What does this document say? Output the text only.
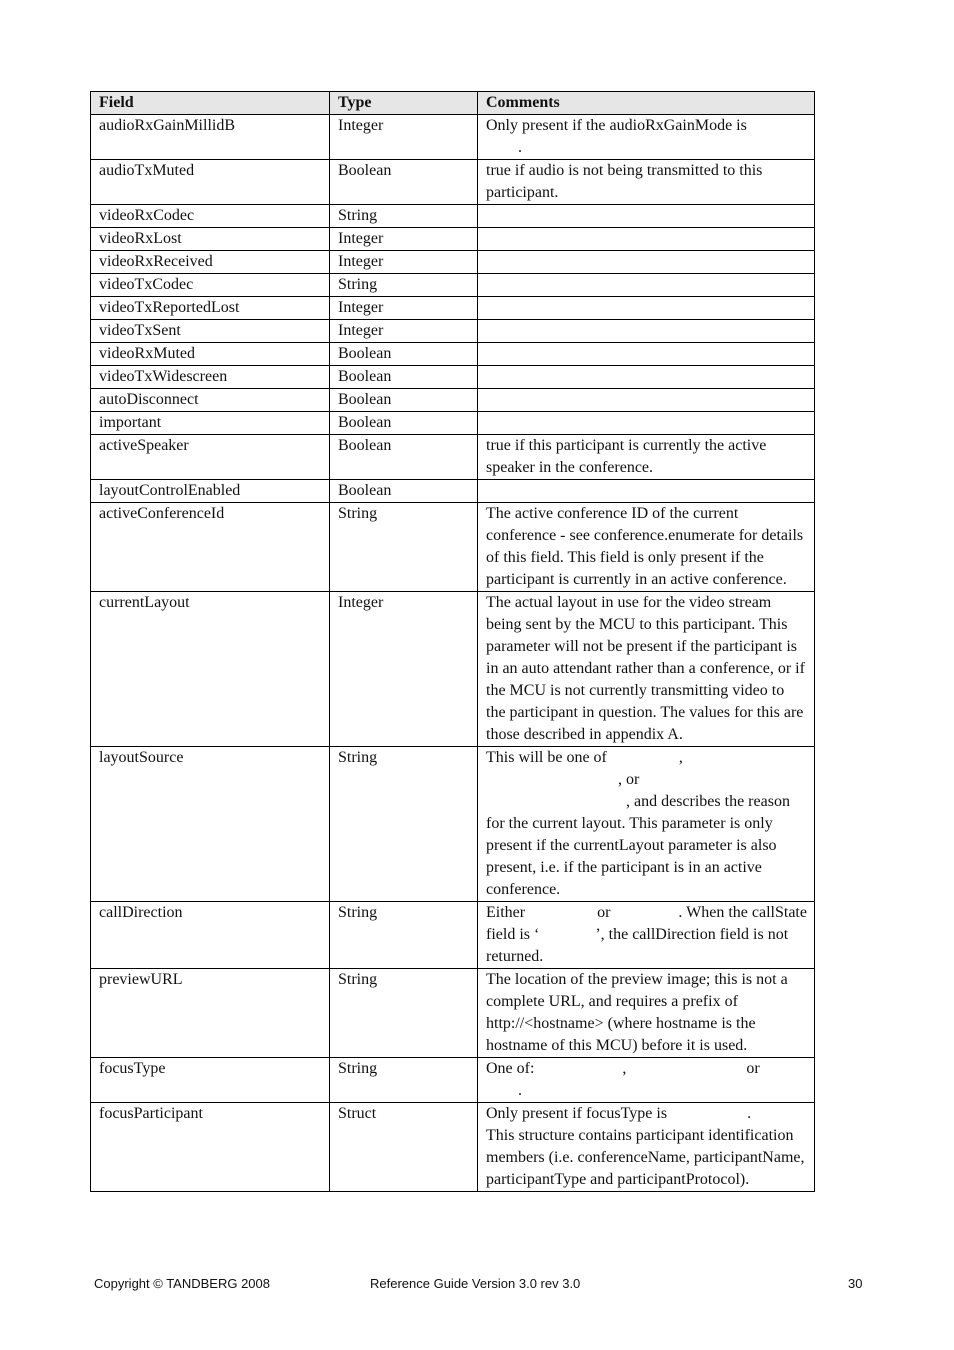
Field	Type	Comments
audioRxGainMillidB	Integer	Only present if the audioRxGainMode is
.
audioTxMuted	Boolean	true if audio is not being transmitted to this participant.
videoRxCodec	String	
videoRxLost	Integer	
videoRxReceived	Integer	
videoTxCodec	String	
videoTxReportedLost	Integer	
videoTxSent	Integer	
videoRxMuted	Boolean	
videoTxWidescreen	Boolean	
autoDisconnect	Boolean	
important	Boolean	
activeSpeaker	Boolean	true if this participant is currently the active speaker in the conference.
layoutControlEnabled	Boolean	
activeConferenceId	String	The active conference ID of the current conference - see conference.enumerate for details of this field. This field is only present if the participant is currently in an active conference.
currentLayout	Integer	The actual layout in use for the video stream being sent by the MCU to this participant. This parameter will not be present if the participant is in an auto attendant rather than a conference, or if the MCU is not currently transmitting video to the participant in question. The values for this are those described in appendix A.
layoutSource	String	This will be one of                  ,
, or
, and describes the reason for the current layout. This parameter is only present if the currentLayout parameter is also present, i.e. if the participant is in an active conference.
callDirection	String	Either                  or                 . When the callState field is ‘              ’, the callDirection field is not returned.
previewURL	String	The location of the preview image; this is not a complete URL, and requires a prefix of http://<hostname> (where hostname is the hostname of this MCU) before it is used.
focusType	String	One of:                      ,                              or
.
focusParticipant	Struct	Only present if focusType is                    .
This structure contains participant identification members (i.e. conferenceName, participantName, participantType and participantProtocol).
Copyright © TANDBERG 2008	Reference Guide Version 3.0 rev 3.0	30
